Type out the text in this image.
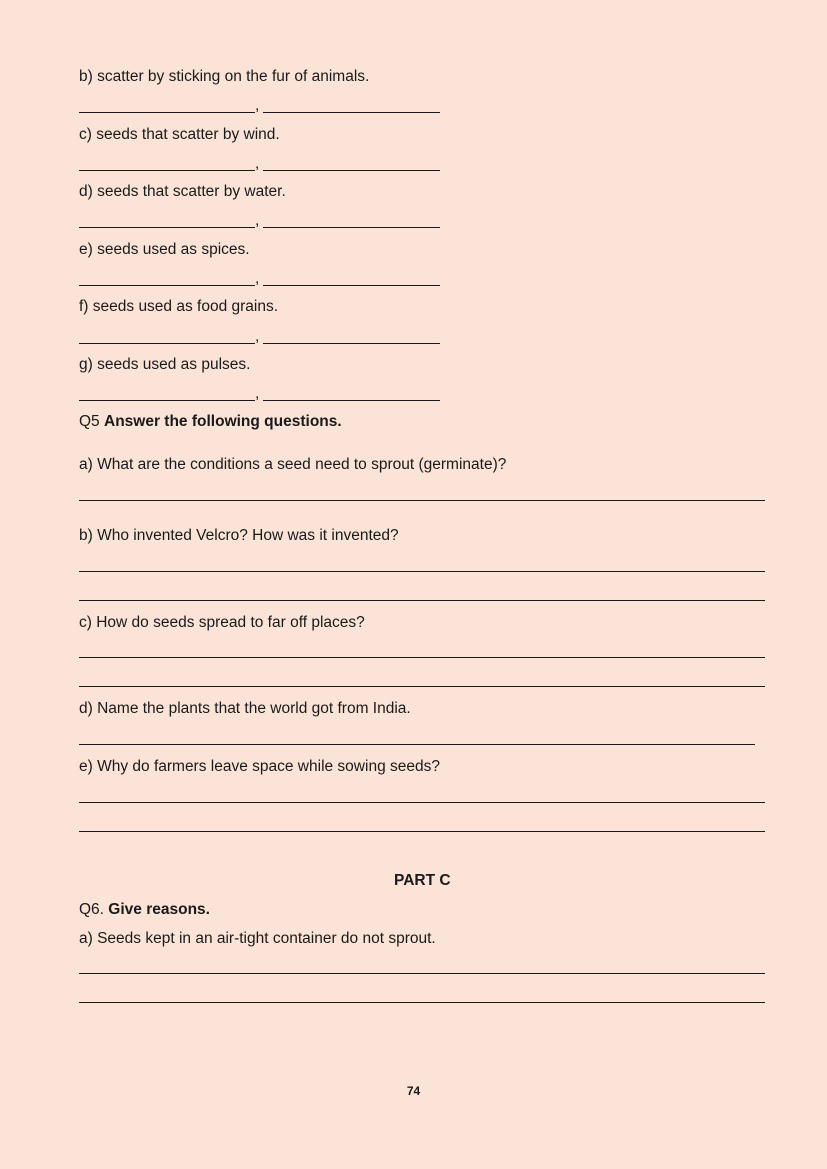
b) scatter by sticking on the fur of animals.
,
c) seeds that scatter by wind.
,
d) seeds that scatter by water.
,
e) seeds used as spices.
,
f) seeds used as food grains.
,
g) seeds used as pulses.
,
Q5 Answer the following questions.
a) What are the conditions a seed need to sprout (germinate)?
b) Who invented Velcro? How was it invented?
c) How do seeds spread to far off places?
d) Name the plants that the world got from India.
e) Why do farmers leave space while sowing seeds?
PART C
Q6. Give reasons.
a) Seeds kept in an air-tight container do not sprout.
74
